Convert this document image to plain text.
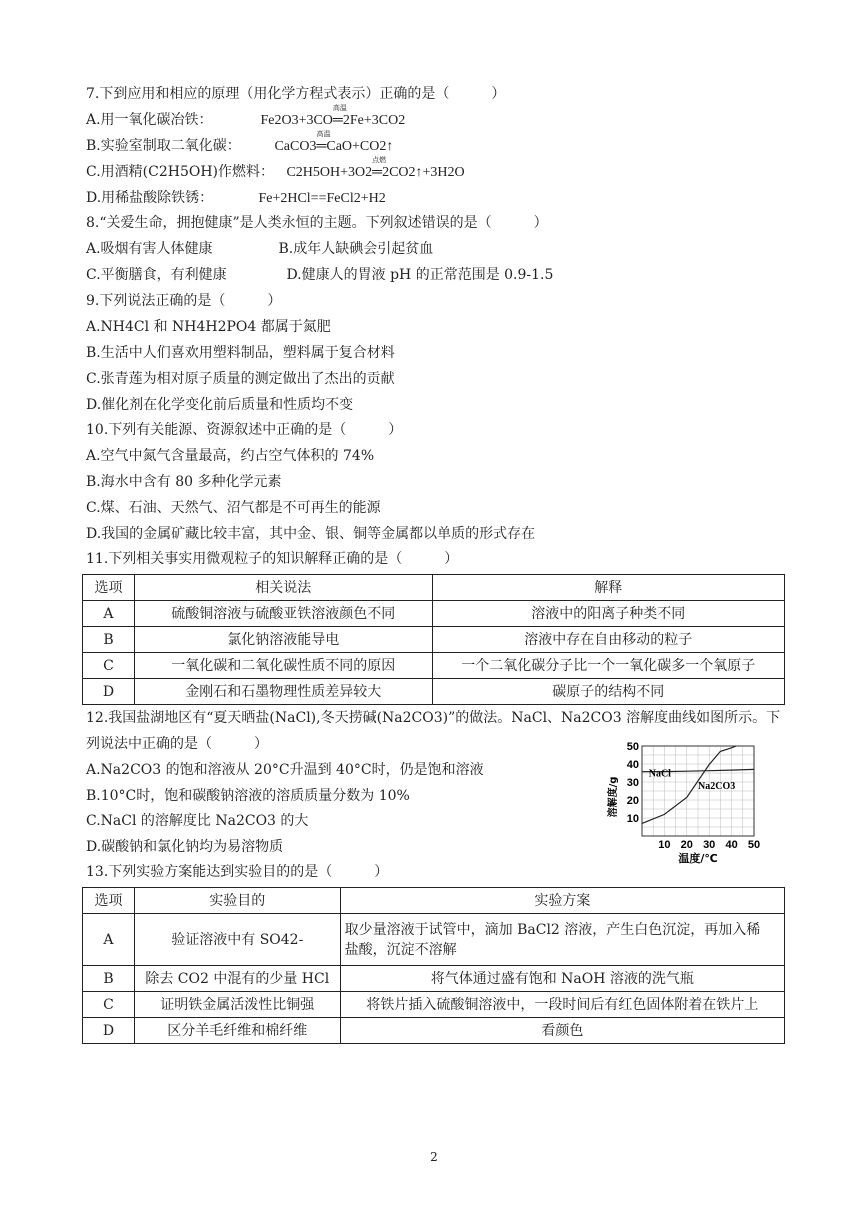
7.下到应用和相应的原理（用化学方程式表示）正确的是（　　　）
A.用一氧化碳冶铁：	Fe2O3+3CO
高温
═2Fe+3CO2
B.实验室制取二氧化碳： CaCO3
高温
═CaO+CO2↑
C.用酒精(C2H5OH)作燃料： C2H5OH+3O2
点燃
═2CO2↑+3H2O
D.用稀盐酸除铁锈：	Fe+2HCl==FeCl2+H2
8.“关爱生命，拥抱健康”是人类永恒的主题。下列叙述错误的是（　　　）
A.吸烟有害人体健康	B.成年人缺碘会引起贫血
C.平衡膳食，有利健康	D.健康人的胃液 pH 的正常范围是 0.9-1.5
9.下列说法正确的是（　　　）
A.NH4Cl 和 NH4H2PO4 都属于氮肥
B.生活中人们喜欢用塑料制品，塑料属于复合材料
C.张青莲为相对原子质量的测定做出了杰出的贡献
D.催化剂在化学变化前后质量和性质均不变
10.下列有关能源、资源叙述中正确的是（　　　）
A.空气中氮气含量最高，约占空气体积的 74%
B.海水中含有 80 多种化学元素
C.煤、石油、天然气、沼气都是不可再生的能源
D.我国的金属矿藏比较丰富，其中金、银、铜等金属都以单质的形式存在
11.下列相关事实用微观粒子的知识解释正确的是（　　　）
选项	相关说法	解释
A	硫酸铜溶液与硫酸亚铁溶液颜色不同	溶液中的阳离子种类不同
B	氯化钠溶液能导电	溶液中存在自由移动的粒子
C	一氧化碳和二氧化碳性质不同的原因	一个二氧化碳分子比一个一氧化碳多一个氧原子
D	金刚石和石墨物理性质差异较大	碳原子的结构不同
12.我国盐湖地区有“夏天晒盐(NaCl),冬天捞碱(Na2CO3)”的做法。NaCl、Na2CO3 溶解度曲线如图所示。下
列说法中正确的是（　　　）
A.Na2CO3 的饱和溶液从 20°C升温到 40°C时，仍是饱和溶液
B.10°C时，饱和碳酸钠溶液的溶质质量分数为 10%
C.NaCl 的溶解度比 Na2CO3 的大
D.碳酸钠和氯化钠均为易溶物质	10 20 30 40 50
10
20
30
40
50
温度/℃
溶解度/g
NaCl
Na2CO3
13.下列实验方案能达到实验目的的是（　　　）
选项	实验目的	实验方案
A	验证溶液中有 SO42-	取少量溶液于试管中，滴加 BaCl2 溶液，产生白色沉淀，再加入稀
盐酸，沉淀不溶解

B	除去 CO2 中混有的少量 HCl	将气体通过盛有饱和 NaOH 溶液的洗气瓶
C	证明铁金属活泼性比铜强	将铁片插入硫酸铜溶液中，一段时间后有红色固体附着在铁片上
D	区分羊毛纤维和棉纤维	看颜色
2
